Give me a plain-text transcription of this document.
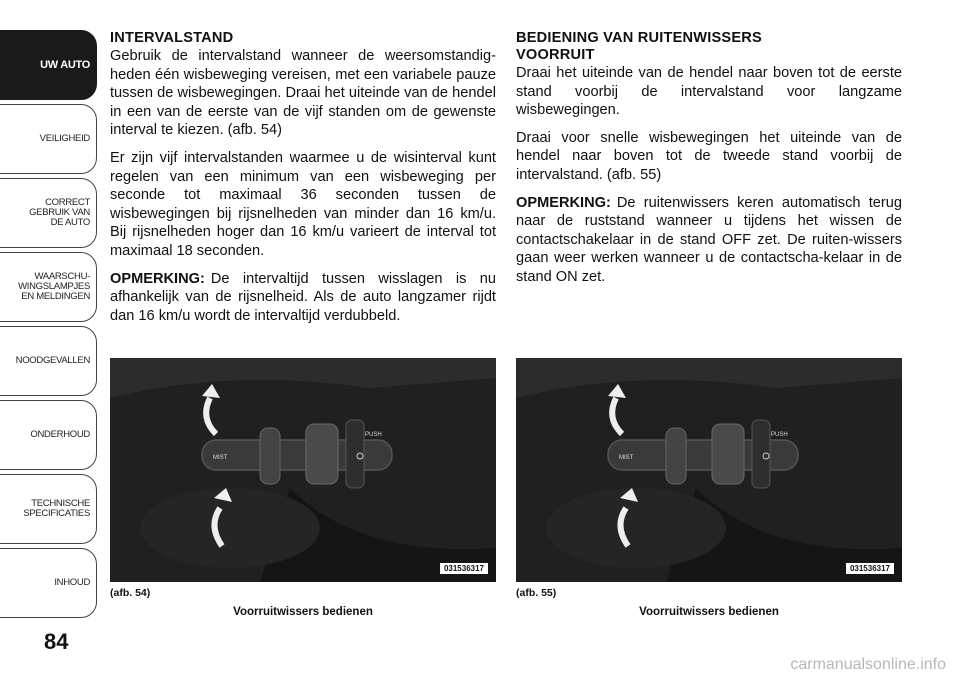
UW AUTO
VEILIGHEID
CORRECT
GEBRUIK VAN
DE AUTO
WAARSCHU-
WINGSLAMPJES
EN MELDINGEN
NOODGEVALLEN
ONDERHOUD
TECHNISCHE
SPECIFICATIES
INHOUD
84
INTERVALSTAND

Gebruik de intervalstand wanneer de weersomstandig-heden één wisbeweging vereisen, met een variabele pauze tussen de wisbewegingen. Draai het uiteinde van de hendel in een van de eerste van de vijf standen om de gewenste interval te kiezen. (afb. 54)

Er zijn vijf intervalstanden waarmee u de wisinterval kunt regelen van een minimum van een wisbeweging per seconde tot maximaal 36 seconden tussen de wisbewegingen bij rijsnelheden van minder dan 16 km/u. Bij rijsnelheden hoger dan 16 km/u varieert de interval tot maximaal 18 seconden.

OPMERKING: De intervaltijd tussen wisslagen is nu afhankelijk van de rijsnelheid. Als de auto langzamer rijdt dan 16 km/u wordt de intervaltijd verdubbeld.

BEDIENING VAN RUITENWISSERS
VOORRUIT

Draai het uiteinde van de hendel naar boven tot de eerste stand voorbij de intervalstand voor langzame wisbewegingen.

Draai voor snelle wisbewegingen het uiteinde van de hendel naar boven tot de tweede stand voorbij de intervalstand. (afb. 55)

OPMERKING: De ruitenwissers keren automatisch terug naar de ruststand wanneer u tijdens het wissen de contactschakelaar in de stand OFF zet. De ruiten-wissers gaan weer werken wanneer u de contactscha-kelaar in de stand ON zet.

MIST
PUSH
031536317
(afb. 54)
Voorruitwissers bedienen
MIST
PUSH
031536317
(afb. 55)
Voorruitwissers bedienen
carmanualsonline.info
